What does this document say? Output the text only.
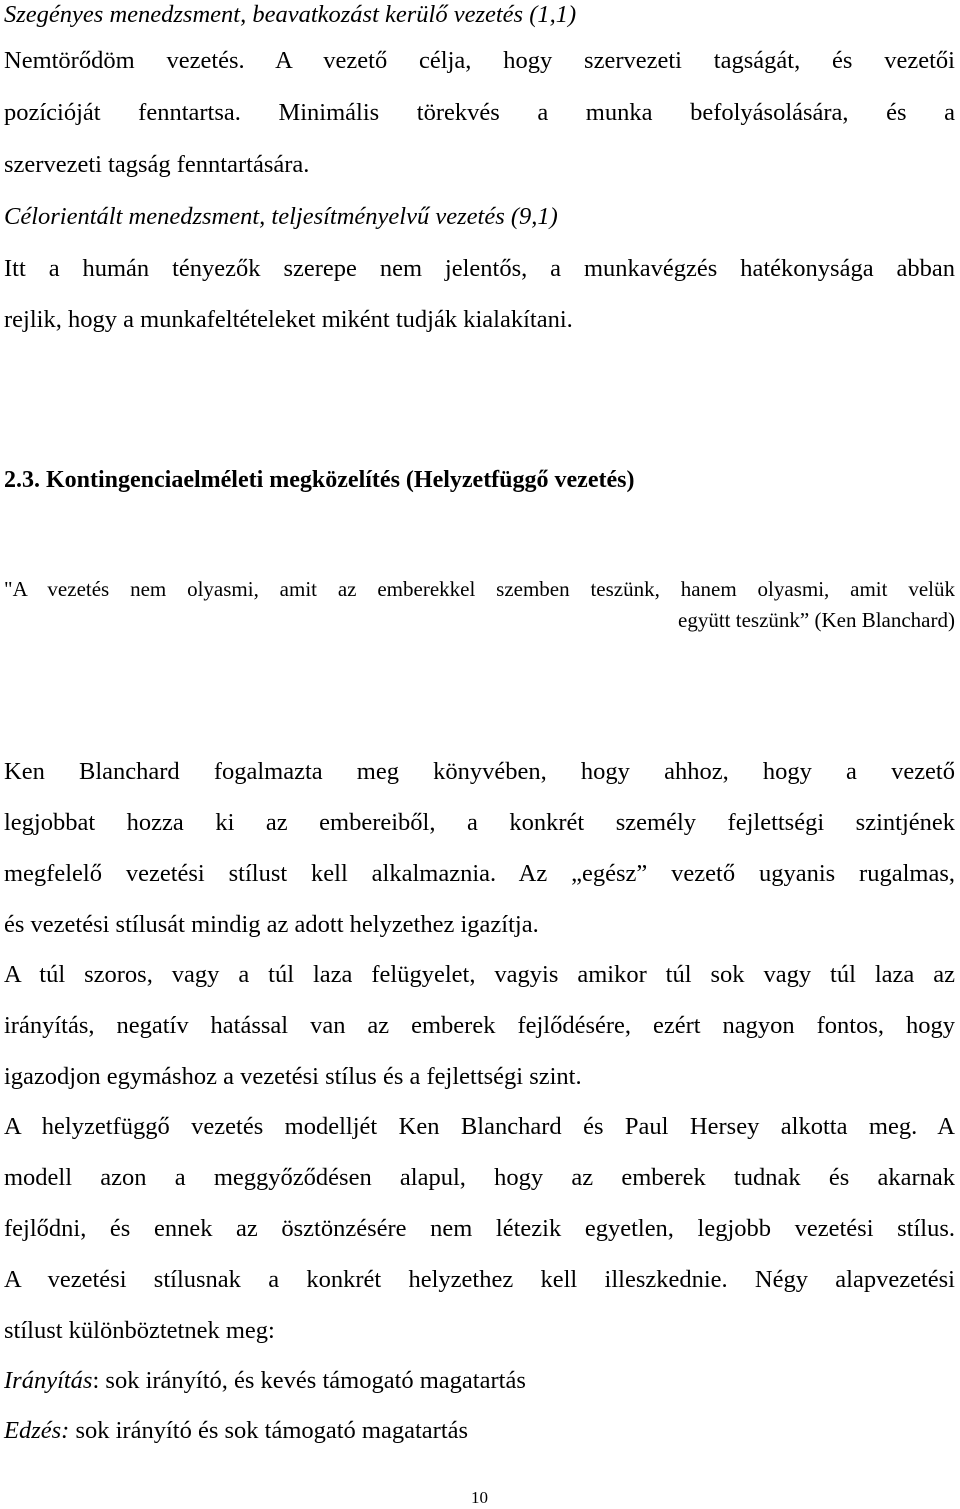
Szegényes menedzsment, beavatkozást kerülő vezetés (1,1)
Nemtörődöm vezetés. A vezető célja, hogy szervezeti tagságát, és vezetői
pozícióját fenntartsa. Minimális törekvés a munka befolyásolására, és a
szervezeti tagság fenntartására.
Célorientált menedzsment, teljesítményelvű vezetés (9,1)
Itt a humán tényezők szerepe nem jelentős, a munkavégzés hatékonysága abban
rejlik, hogy a munkafeltételeket miként tudják kialakítani.
2.3. Kontingenciaelméleti megközelítés (Helyzetfüggő vezetés)
"A vezetés nem olyasmi, amit az emberekkel szemben teszünk, hanem olyasmi, amit velük
együtt teszünk” (Ken Blanchard)
Ken Blanchard fogalmazta meg könyvében, hogy ahhoz, hogy a vezető
legjobbat hozza ki az embereiből, a konkrét személy fejlettségi szintjének
megfelelő vezetési stílust kell alkalmaznia. Az „egész” vezető ugyanis rugalmas,
és vezetési stílusát mindig az adott helyzethez igazítja.
A túl szoros, vagy a túl laza felügyelet, vagyis amikor túl sok vagy túl laza az
irányítás, negatív hatással van az emberek fejlődésére, ezért nagyon fontos, hogy
igazodjon egymáshoz a vezetési stílus és a fejlettségi szint.
A helyzetfüggő vezetés modelljét Ken Blanchard és Paul Hersey alkotta meg. A
modell azon a meggyőződésen alapul, hogy az emberek tudnak és akarnak
fejlődni, és ennek az ösztönzésére nem létezik egyetlen, legjobb vezetési stílus.
A vezetési stílusnak a konkrét helyzethez kell illeszkednie. Négy alapvezetési
stílust különböztetnek meg:
Irányítás: sok irányító, és kevés támogató magatartás
Edzés: sok irányító és sok támogató magatartás
10
